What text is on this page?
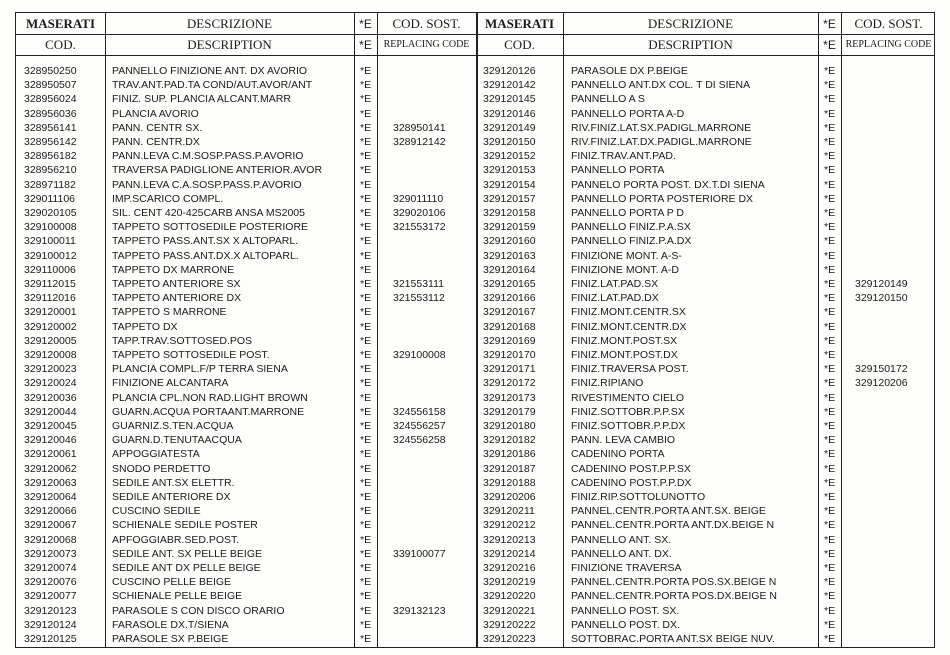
MASERATI	DESCRIZIONE	*E	COD. SOST.	MASERATI	DESCRIZIONE	*E	COD. SOST.
COD.	DESCRIPTION	*E	REPLACING CODE	COD.	DESCRIPTION	*E REPLACING CODE
328950250	PANNELLO FINIZIONE ANT. DX AVORIO	*E
328950507	TRAV.ANT.PAD.TA COND/AUT.AVOR/ANT	*E
328956024	FINIZ. SUP. PLANCIA ALCANT.MARR	*E
328956036	PLANCIA AVORIO	*E
328956141	PANN. CENTR SX.	*E 328950141
328956142	PANN. CENTR.DX	*E 328912142
328956182	PANN.LEVA C.M.SOSP.PASS.P.AVORIO	*E
328956210	TRAVERSA PADIGLIONE ANTERIOR.AVOR	*E
328971182	PANN.LEVA C.A.SOSP.PASS.P.AVORIO	*E
329011106	IMP.SCARICO COMPL.	*E 329011110
329020105	SIL. CENT 420-425CARB ANSA MS2005	*E 329020106
329100008	TAPPETO SOTTOSEDILE POSTERIORE	*E 321553172
329100011	TAPPETO PASS.ANT.SX X ALTOPARL.	*E
329100012	TAPPETO PASS.ANT.DX.X ALTOPARL.	*E
329110006	TAPPETO DX MARRONE	*E
329112015	TAPPETO ANTERIORE SX	*E 321553111
329112016	TAPPETO ANTERIORE DX	*E 321553112
329120001	TAPPETO S MARRONE	*E
329120002	TAPPETO DX	*E
329120005	TAPP.TRAV.SOTTOSED.POS	*E
329120008	TAPPETO SOTTOSEDILE POST.	*E 329100008
329120023	PLANCIA COMPL.F/P TERRA SIENA	*E
329120024	FINIZIONE ALCANTARA	*E
329120036	PLANCIA CPL.NON RAD.LIGHT BROWN	*E
329120044	GUARN.ACQUA PORTAANT.MARRONE	*E 324556158
329120045	GUARNIZ.S.TEN.ACQUA	*E 324556257
329120046	GUARN.D.TENUTAACQUA	*E 324556258
329120061	APPOGGIATESTA	*E
329120062	SNODO PERDETTO	*E
329120063	SEDILE ANT.SX ELETTR.	*E
329120064	SEDILE ANTERIORE DX	*E
329120066	CUSCINO SEDILE	*E
329120067	SCHIENALE SEDILE POSTER	*E
329120068	APFOGGIABR.SED.POST.	*E
329120073	SEDILE ANT. SX PELLE BEIGE	*E 339100077
329120074	SEDILE ANT DX PELLE BEIGE	*E
329120076	CUSCINO PELLE BEIGE	*E
329120077	SCHIENALE PELLE BEIGE	*E
329120123	PARASOLE S CON DISCO ORARIO	*E 329132123
329120124	FARASOLE DX.T/SIENA	*E
329120125	PARASOLE SX P.BEIGE	*E
329120126	PARASOLE DX P.BEIGE	*E
329120142	PANNELLO ANT.DX COL. T DI SIENA	*E
329120145	PANNELLO A S	*E
329120146	PANNELLO PORTA A-D	*E
329120149	RIV.FINIZ.LAT.SX.PADIGL.MARRONE	*E
329120150	RIV.FINIZ.LAT.DX.PADIGL.MARRONE	*E
329120152	FINIZ.TRAV.ANT.PAD.	*E
329120153	PANNELLO PORTA	*E
329120154	PANNELO PORTA POST. DX.T.DI SIENA	*E
329120157	PANNELLO PORTA POSTERIORE DX	*E
329120158	PANNELLO PORTA P D	*E
329120159	PANNELLO FINIZ.P.A.SX	*E
329120160	PANNELLO FINIZ.P.A.DX	*E
329120163	FINIZIONE MONT. A-S-	*E
329120164	FINIZIONE MONT. A-D	*E
329120165	FINIZ.LAT.PAD.SX	*E 329120149
329120166	FINIZ.LAT.PAD.DX	*E 329120150
329120167	FINIZ.MONT.CENTR.SX	*E
329120168	FINIZ.MONT.CENTR.DX	*E
329120169	FINIZ.MONT.POST.SX	*E
329120170	FINIZ.MONT.POST.DX	*E
329120171	FINIZ.TRAVERSA POST.	*E 329150172
329120172	FINIZ.RIPIANO	*E 329120206
329120173	RIVESTIMENTO CIELO	*E
329120179	FINIZ.SOTTOBR.P.P.SX	*E
329120180	FINIZ.SOTTOBR.P.P.DX	*E
329120182	PANN. LEVA CAMBIO	*E
329120186	CADENINO PORTA	*E
329120187	CADENINO POST.P.P.SX	*E
329120188	CADENINO POST.P.P.DX	*E
329120206	FINIZ.RIP.SOTTOLUNOTTO	*E
329120211	PANNEL.CENTR.PORTA ANT.SX. BEIGE	*E
329120212	PANNEL.CENTR.PORTA ANT.DX.BEIGE N	*E
329120213	PANNELLO ANT. SX.	*E
329120214	PANNELLO ANT. DX.	*E
329120216	FINIZIONE TRAVERSA	*E
329120219	PANNEL.CENTR.PORTA POS.SX.BEIGE N	*E
329120220	PANNEL.CENTR.PORTA POS.DX.BEIGE N	*E
329120221	PANNELLO POST. SX.	*E
329120222	PANNELLO POST. DX.	*E
329120223	SOTTOBRAC.PORTA ANT.SX BEIGE NUV.	*E
